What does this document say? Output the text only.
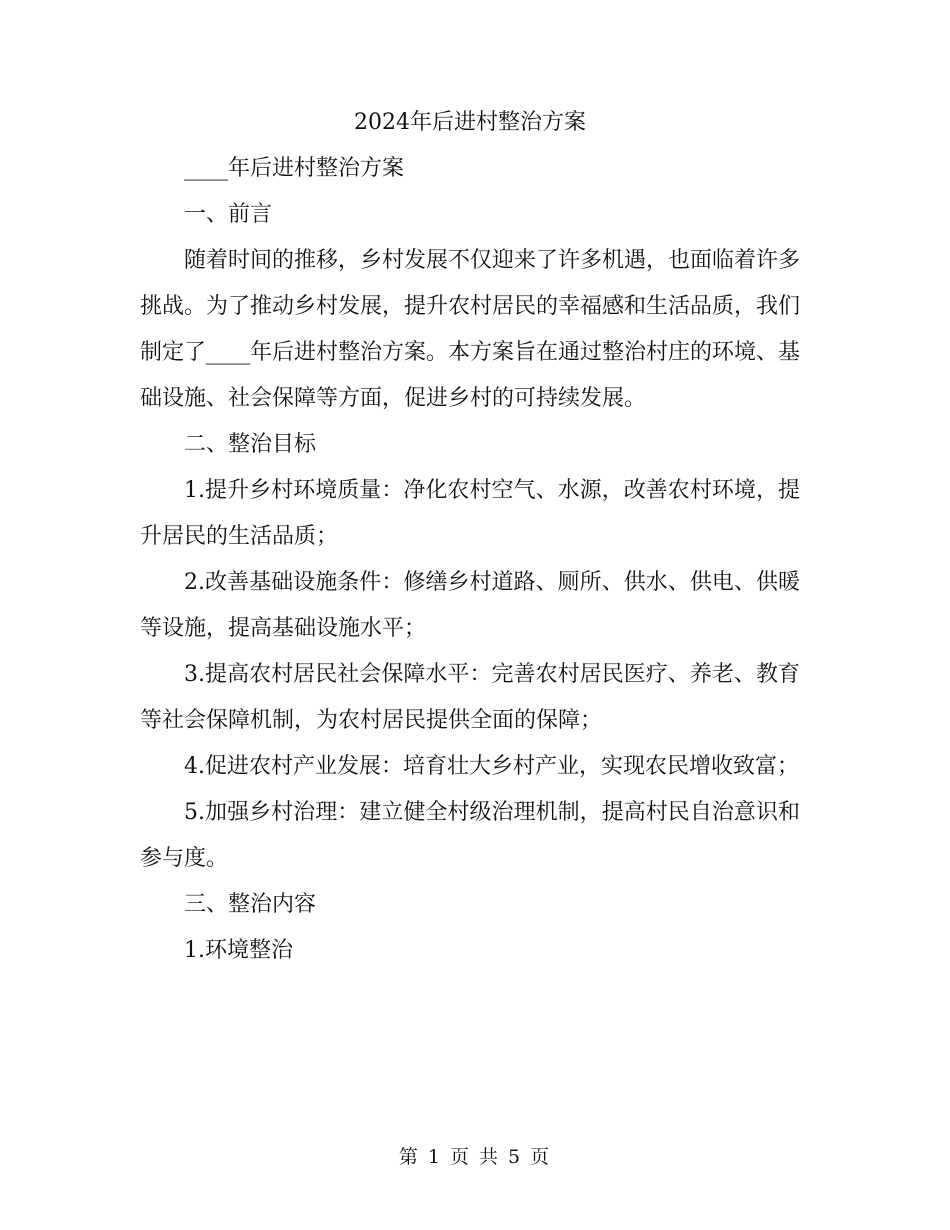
2024年后进村整治方案

____年后进村整治方案

一、前言

随着时间的推移，乡村发展不仅迎来了许多机遇，也面临着许多挑战。为了推动乡村发展，提升农村居民的幸福感和生活品质，我们制定了____年后进村整治方案。本方案旨在通过整治村庄的环境、基础设施、社会保障等方面，促进乡村的可持续发展。

二、整治目标

1.提升乡村环境质量：净化农村空气、水源，改善农村环境，提升居民的生活品质；

2.改善基础设施条件：修缮乡村道路、厕所、供水、供电、供暖等设施，提高基础设施水平；

3.提高农村居民社会保障水平：完善农村居民医疗、养老、教育等社会保障机制，为农村居民提供全面的保障；

4.促进农村产业发展：培育壮大乡村产业，实现农民增收致富；

5.加强乡村治理：建立健全村级治理机制，提高村民自治意识和参与度。

三、整治内容

1.环境整治

第 1 页 共 5 页
